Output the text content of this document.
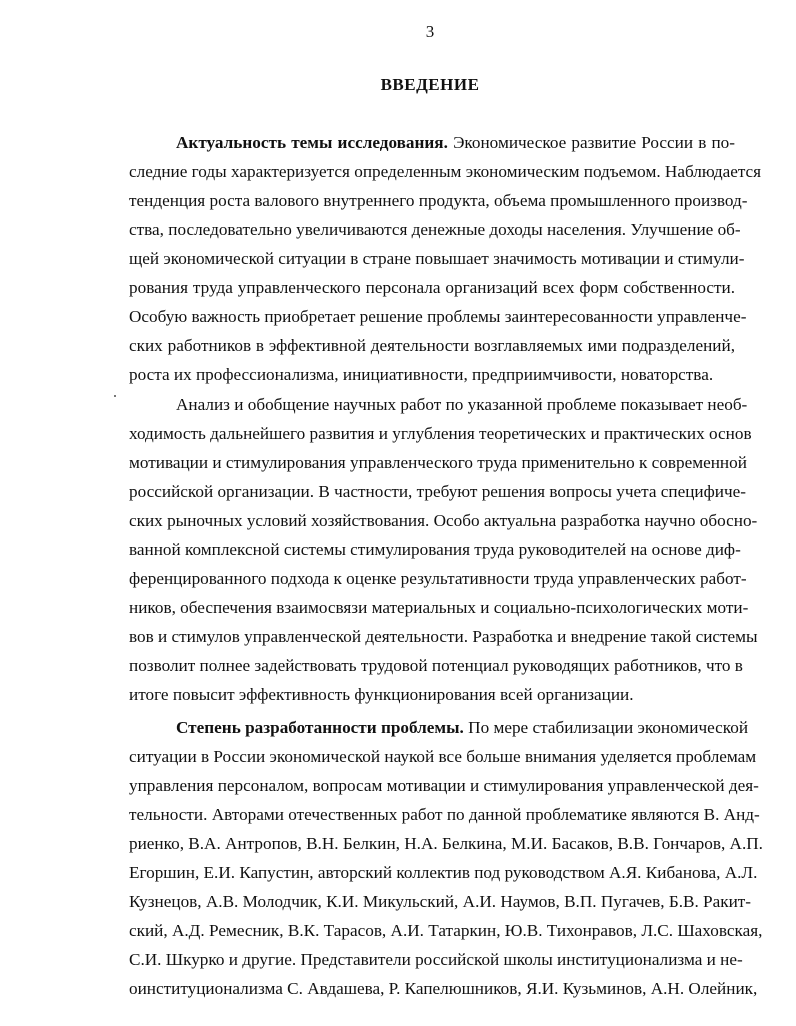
3
ВВЕДЕНИЕ
Актуальность темы исследования. Экономическое развитие России в по-
следние годы характеризуется определенным экономическим подъемом. Наблюдается
тенденция роста валового внутреннего продукта, объема промышленного производ-
ства, последовательно увеличиваются денежные доходы населения. Улучшение об-
щей экономической ситуации в стране повышает значимость мотивации и стимули-
рования труда управленческого персонала организаций всех форм собственности.
Особую важность приобретает решение проблемы заинтересованности управленче-
ских работников в эффективной деятельности возглавляемых ими подразделений,
роста их профессионализма, инициативности, предприимчивости, новаторства.
Анализ и обобщение научных работ по указанной проблеме показывает необ-
ходимость дальнейшего развития и углубления теоретических и практических основ
мотивации и стимулирования управленческого труда применительно к современной
российской организации. В частности, требуют решения вопросы учета специфиче-
ских рыночных условий хозяйствования. Особо актуальна разработка научно обосно-
ванной комплексной системы стимулирования труда руководителей на основе диф-
ференцированного подхода к оценке результативности труда управленческих работ-
ников, обеспечения взаимосвязи материальных и социально-психологических моти-
вов и стимулов управленческой деятельности. Разработка и внедрение такой системы
позволит полнее задействовать трудовой потенциал руководящих работников, что в
итоге повысит эффективность функционирования всей организации.
Степень разработанности проблемы. По мере стабилизации экономической
ситуации в России экономической наукой все больше внимания уделяется проблемам
управления персоналом, вопросам мотивации и стимулирования управленческой дея-
тельности. Авторами отечественных работ по данной проблематике являются В. Анд-
риенко, В.А. Антропов, В.Н. Белкин, Н.А. Белкина, М.И. Басаков, В.В. Гончаров, А.П.
Егоршин, Е.И. Капустин, авторский коллектив под руководством А.Я. Кибанова, А.Л.
Кузнецов, А.В. Молодчик, К.И. Микульский, А.И. Наумов, В.П. Пугачев, Б.В. Ракит-
ский, А.Д. Ремесник, В.К. Тарасов, А.И. Татаркин, Ю.В. Тихонравов, Л.С. Шаховская,
С.И. Шкурко и другие. Представители российской школы институционализма и не-
оинституционализма С. Авдашева, Р. Капелюшников, Я.И. Кузьминов, А.Н. Олейник,
